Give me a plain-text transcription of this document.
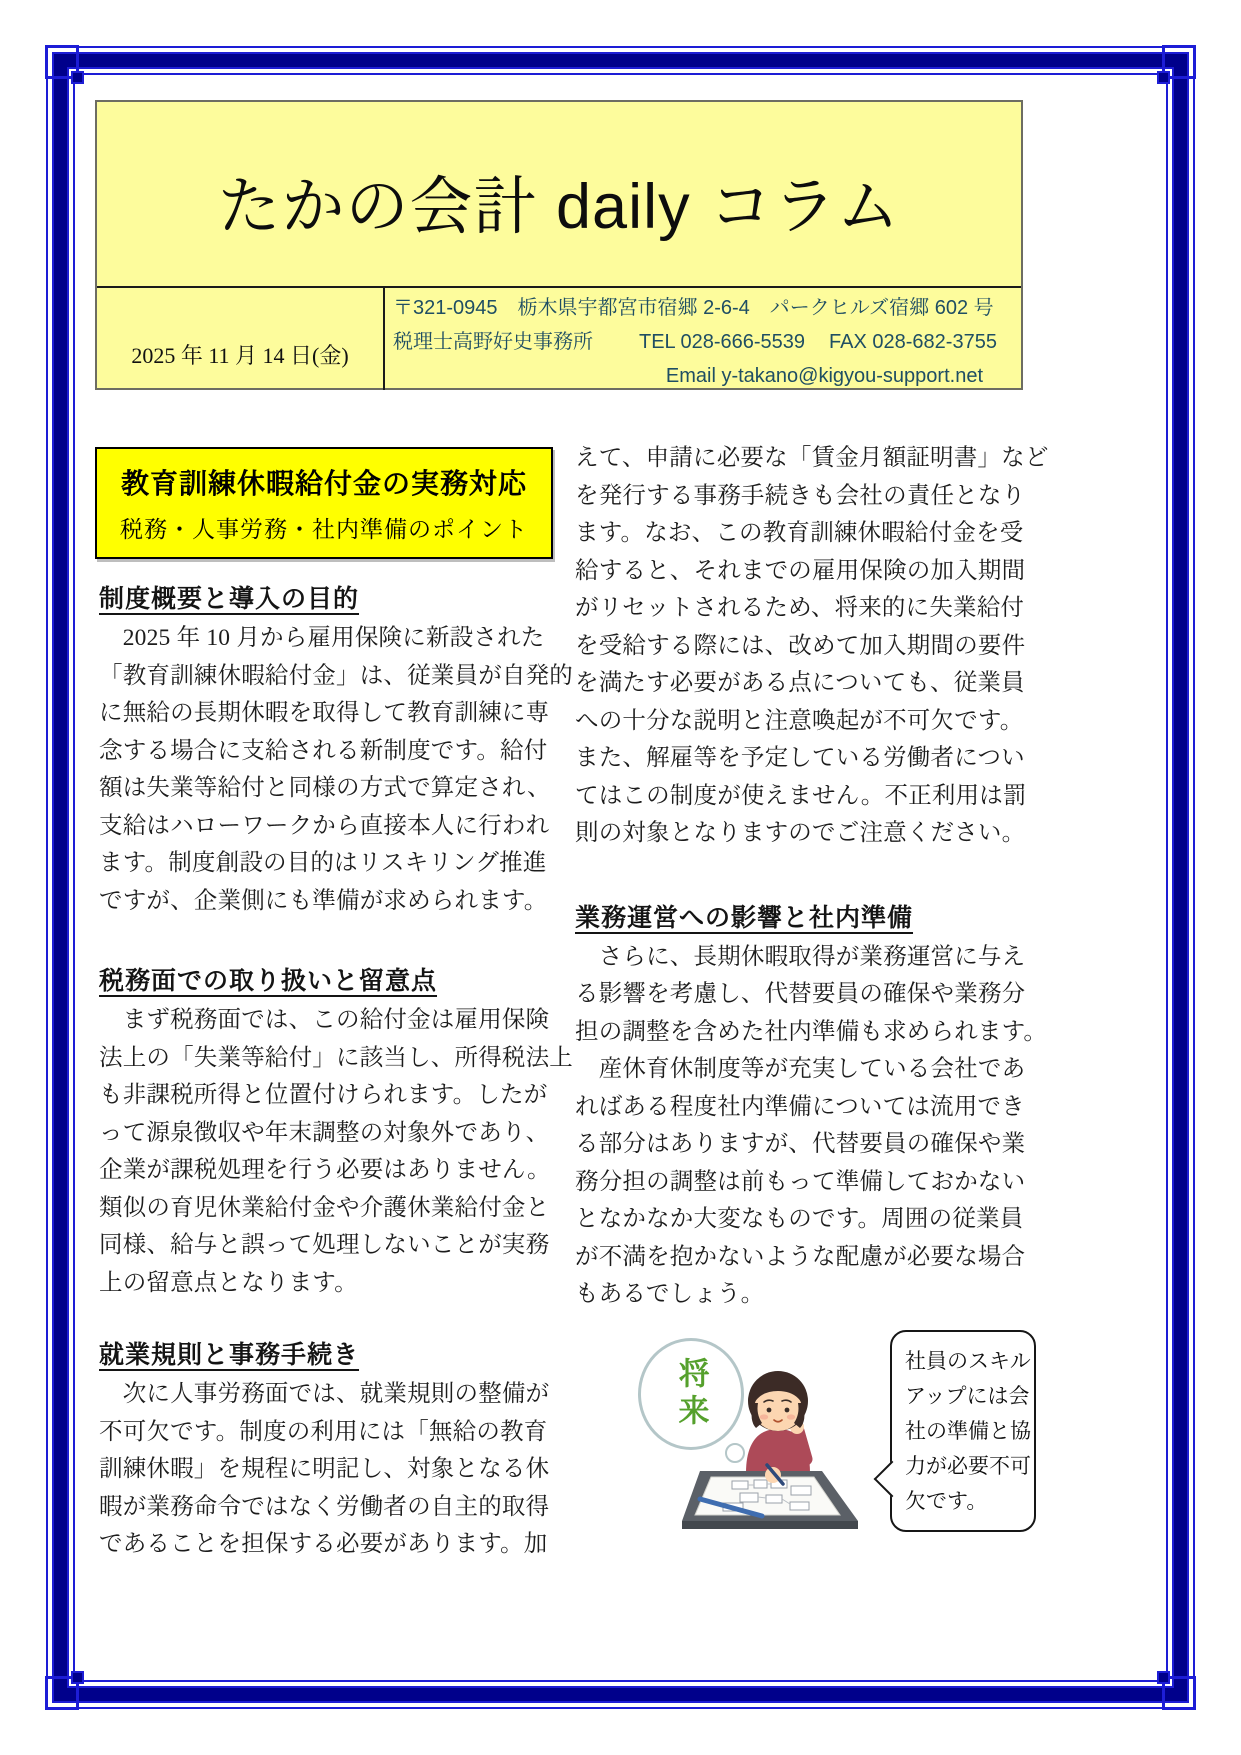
たかの会計 daily コラム
2025 年 11 月 14 日(金)
〒321-0945　栃木県宇都宮市宿郷 2-6-4　パークヒルズ宿郷 602 号
税理士高野好史事務所 TEL 028-666-5539 FAX 028-682-3755
Email y-takano@kigyou-support.net
教育訓練休暇給付金の実務対応
税務・人事労務・社内準備のポイント
制度概要と導入の目的
　2025 年 10 月から雇用保険に新設された
「教育訓練休暇給付金」は、従業員が自発的
に無給の長期休暇を取得して教育訓練に専
念する場合に支給される新制度です。給付
額は失業等給付と同様の方式で算定され、
支給はハローワークから直接本人に行われ
ます。制度創設の目的はリスキリング推進
ですが、企業側にも準備が求められます。
税務面での取り扱いと留意点
　まず税務面では、この給付金は雇用保険
法上の「失業等給付」に該当し、所得税法上
も非課税所得と位置付けられます。したが
って源泉徴収や年末調整の対象外であり、
企業が課税処理を行う必要はありません。
類似の育児休業給付金や介護休業給付金と
同様、給与と誤って処理しないことが実務
上の留意点となります。
就業規則と事務手続き
　次に人事労務面では、就業規則の整備が
不可欠です。制度の利用には「無給の教育
訓練休暇」を規程に明記し、対象となる休
暇が業務命令ではなく労働者の自主的取得
であることを担保する必要があります。加
えて、申請に必要な「賃金月額証明書」など
を発行する事務手続きも会社の責任となり
ます。なお、この教育訓練休暇給付金を受
給すると、それまでの雇用保険の加入期間
がリセットされるため、将来的に失業給付
を受給する際には、改めて加入期間の要件
を満たす必要がある点についても、従業員
への十分な説明と注意喚起が不可欠です。
また、解雇等を予定している労働者につい
てはこの制度が使えません。不正利用は罰
則の対象となりますのでご注意ください。
業務運営への影響と社内準備
　さらに、長期休暇取得が業務運営に与え
る影響を考慮し、代替要員の確保や業務分
担の調整を含めた社内準備も求められます。
　産休育休制度等が充実している会社であ
ればある程度社内準備については流用でき
る部分はありますが、代替要員の確保や業
務分担の調整は前もって準備しておかない
となかなか大変なものです。周囲の従業員
が不満を抱かないような配慮が必要な場合
もあるでしょう。
将来	社員のスキルアップには会社の準備と協力が必要不可欠です。
